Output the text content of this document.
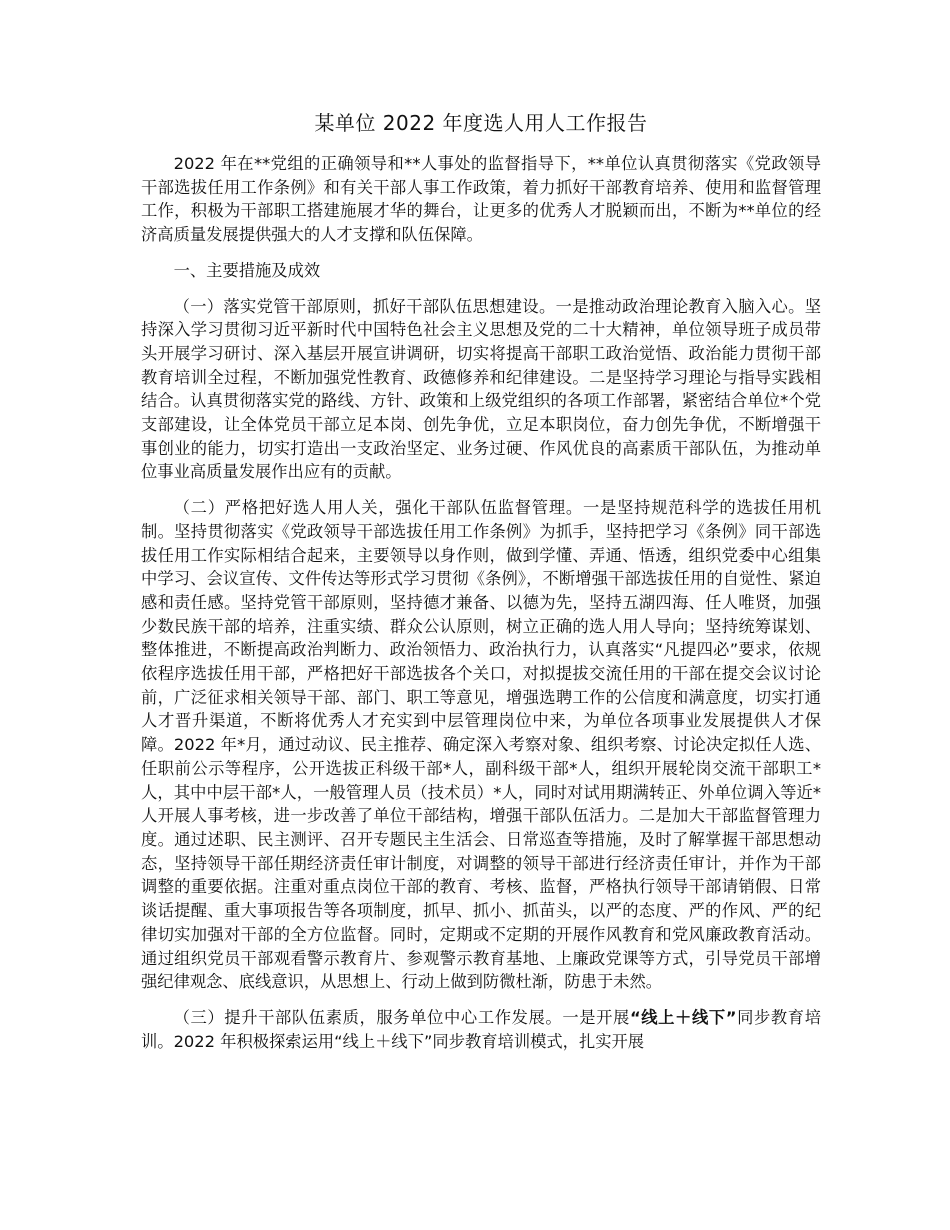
某单位 2022 年度选人用人工作报告

2022 年在**党组的正确领导和**人事处的监督指导下，**单位认真贯彻落实《党政领导干部选拔任用工作条例》和有关干部人事工作政策，着力抓好干部教育培养、使用和监督管理工作，积极为干部职工搭建施展才华的舞台，让更多的优秀人才脱颖而出，不断为**单位的经济高质量发展提供强大的人才支撑和队伍保障。

一、主要措施及成效

（一）落实党管干部原则，抓好干部队伍思想建设。一是推动政治理论教育入脑入心。坚持深入学习贯彻习近平新时代中国特色社会主义思想及党的二十大精神，单位领导班子成员带头开展学习研讨、深入基层开展宣讲调研，切实将提高干部职工政治觉悟、政治能力贯彻干部教育培训全过程，不断加强党性教育、政德修养和纪律建设。二是坚持学习理论与指导实践相结合。认真贯彻落实党的路线、方针、政策和上级党组织的各项工作部署，紧密结合单位*个党支部建设，让全体党员干部立足本岗、创先争优，立足本职岗位，奋力创先争优，不断增强干事创业的能力，切实打造出一支政治坚定、业务过硬、作风优良的高素质干部队伍，为推动单位事业高质量发展作出应有的贡献。

（二）严格把好选人用人关，强化干部队伍监督管理。一是坚持规范科学的选拔任用机制。坚持贯彻落实《党政领导干部选拔任用工作条例》为抓手，坚持把学习《条例》同干部选拔任用工作实际相结合起来，主要领导以身作则，做到学懂、弄通、悟透，组织党委中心组集中学习、会议宣传、文件传达等形式学习贯彻《条例》，不断增强干部选拔任用的自觉性、紧迫感和责任感。坚持党管干部原则，坚持德才兼备、以德为先，坚持五湖四海、任人唯贤，加强少数民族干部的培养，注重实绩、群众公认原则，树立正确的选人用人导向；坚持统筹谋划、整体推进，不断提高政治判断力、政治领悟力、政治执行力，认真落实“凡提四必”要求，依规依程序选拔任用干部，严格把好干部选拔各个关口，对拟提拔交流任用的干部在提交会议讨论前，广泛征求相关领导干部、部门、职工等意见，增强选聘工作的公信度和满意度，切实打通人才晋升渠道，不断将优秀人才充实到中层管理岗位中来，为单位各项事业发展提供人才保障。2022 年*月，通过动议、民主推荐、确定深入考察对象、组织考察、讨论决定拟任人选、任职前公示等程序，公开选拔正科级干部*人，副科级干部*人，组织开展轮岗交流干部职工*人，其中中层干部*人，一般管理人员（技术员）*人，同时对试用期满转正、外单位调入等近*人开展人事考核，进一步改善了单位干部结构，增强干部队伍活力。二是加大干部监督管理力度。通过述职、民主测评、召开专题民主生活会、日常巡查等措施，及时了解掌握干部思想动态，坚持领导干部任期经济责任审计制度，对调整的领导干部进行经济责任审计，并作为干部调整的重要依据。注重对重点岗位干部的教育、考核、监督，严格执行领导干部请销假、日常谈话提醒、重大事项报告等各项制度，抓早、抓小、抓苗头，以严的态度、严的作风、严的纪律切实加强对干部的全方位监督。同时，定期或不定期的开展作风教育和党风廉政教育活动。通过组织党员干部观看警示教育片、参观警示教育基地、上廉政党课等方式，引导党员干部增强纪律观念、底线意识，从思想上、行动上做到防微杜渐，防患于未然。

（三）提升干部队伍素质，服务单位中心工作发展。一是开展“线上＋线下”同步教育培训。2022 年积极探索运用“线上＋线下”同步教育培训模式，扎实开展
